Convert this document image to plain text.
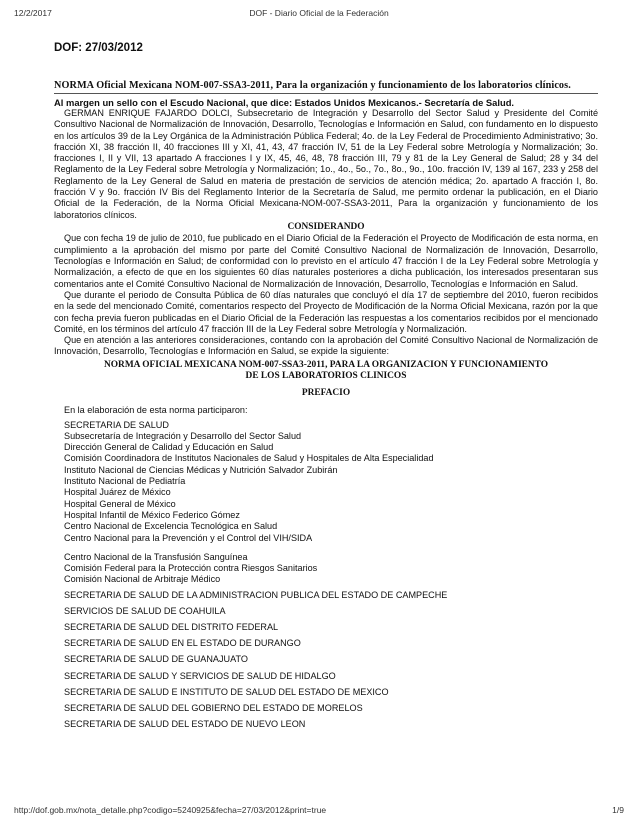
12/2/2017	DOF - Diario Oficial de la Federación
DOF: 27/03/2012
NORMA Oficial Mexicana NOM-007-SSA3-2011, Para la organización y funcionamiento de los laboratorios clínicos.
Al margen un sello con el Escudo Nacional, que dice: Estados Unidos Mexicanos.- Secretaría de Salud.

GERMAN ENRIQUE FAJARDO DOLCI, Subsecretario de Integración y Desarrollo del Sector Salud y Presidente del Comité Consultivo Nacional de Normalización de Innovación, Desarrollo, Tecnologías e Información en Salud, con fundamento en lo dispuesto en los artículos 39 de la Ley Orgánica de la Administración Pública Federal; 4o. de la Ley Federal de Procedimiento Administrativo; 3o. fracción XI, 38 fracción II, 40 fracciones III y XI, 41, 43, 47 fracción IV, 51 de la Ley Federal sobre Metrología y Normalización; 3o. fracciones I, II y VII, 13 apartado A fracciones I y IX, 45, 46, 48, 78 fracción III, 79 y 81 de la Ley General de Salud; 28 y 34 del Reglamento de la Ley Federal sobre Metrología y Normalización; 1o., 4o., 5o., 7o., 8o., 9o., 10o. fracción IV, 139 al 167, 233 y 258 del Reglamento de la Ley General de Salud en materia de prestación de servicios de atención médica; 2o. apartado A fracción I, 8o. fracción V y 9o. fracción IV Bis del Reglamento Interior de la Secretaría de Salud, me permito ordenar la publicación, en el Diario Oficial de la Federación, de la Norma Oficial Mexicana-NOM-007-SSA3-2011, Para la organización y funcionamiento de los laboratorios clínicos.

CONSIDERANDO

Que con fecha 19 de julio de 2010, fue publicado en el Diario Oficial de la Federación el Proyecto de Modificación de esta norma, en cumplimiento a la aprobación del mismo por parte del Comité Consultivo Nacional de Normalización de Innovación, Desarrollo, Tecnologías e Información en Salud; de conformidad con lo previsto en el artículo 47 fracción I de la Ley Federal sobre Metrología y Normalización, a efecto de que en los siguientes 60 días naturales posteriores a dicha publicación, los interesados presentaran sus comentarios ante el Comité Consultivo Nacional de Normalización de Innovación, Desarrollo, Tecnologías e Información en Salud.

Que durante el periodo de Consulta Pública de 60 días naturales que concluyó el día 17 de septiembre del 2010, fueron recibidos en la sede del mencionado Comité, comentarios respecto del Proyecto de Modificación de la Norma Oficial Mexicana, razón por la que con fecha previa fueron publicadas en el Diario Oficial de la Federación las respuestas a los comentarios recibidos por el mencionado Comité, en los términos del artículo 47 fracción III de la Ley Federal sobre Metrología y Normalización.

Que en atención a las anteriores consideraciones, contando con la aprobación del Comité Consultivo Nacional de Normalización de Innovación, Desarrollo, Tecnologías e Información en Salud, se expide la siguiente:

NORMA OFICIAL MEXICANA NOM-007-SSA3-2011, PARA LA ORGANIZACION Y FUNCIONAMIENTO
DE LOS LABORATORIOS CLINICOS
PREFACIO
En la elaboración de esta norma participaron:
SECRETARIA DE SALUD
Subsecretaría de Integración y Desarrollo del Sector Salud
Dirección General de Calidad y Educación en Salud
Comisión Coordinadora de Institutos Nacionales de Salud y Hospitales de Alta Especialidad
Instituto Nacional de Ciencias Médicas y Nutrición Salvador Zubirán
Instituto Nacional de Pediatría
Hospital Juárez de México
Hospital General de México
Hospital Infantil de México Federico Gómez
Centro Nacional de Excelencia Tecnológica en Salud
Centro Nacional para la Prevención y el Control del VIH/SIDA
Centro Nacional de la Transfusión Sanguínea
Comisión Federal para la Protección contra Riesgos Sanitarios
Comisión Nacional de Arbitraje Médico
SECRETARIA DE SALUD DE LA ADMINISTRACION PUBLICA DEL ESTADO DE CAMPECHE
SERVICIOS DE SALUD DE COAHUILA
SECRETARIA DE SALUD DEL DISTRITO FEDERAL
SECRETARIA DE SALUD EN EL ESTADO DE DURANGO
SECRETARIA DE SALUD DE GUANAJUATO
SECRETARIA DE SALUD Y SERVICIOS DE SALUD DE HIDALGO
SECRETARIA DE SALUD E INSTITUTO DE SALUD DEL ESTADO DE MEXICO
SECRETARIA DE SALUD DEL GOBIERNO DEL ESTADO DE MORELOS
SECRETARIA DE SALUD DEL ESTADO DE NUEVO LEON
http://dof.gob.mx/nota_detalle.php?codigo=5240925&fecha=27/03/2012&print=true	1/9
